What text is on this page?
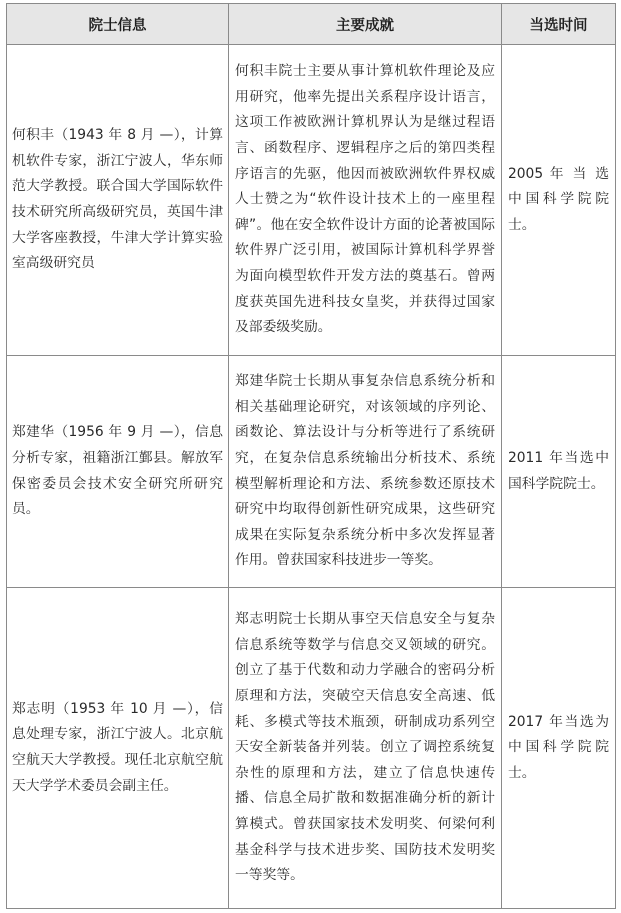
院士信息	主要成就	当选时间
何积丰（1943 年 8 月 —），计算机软件专家，浙江宁波人，华东师范大学教授。联合国大学国际软件技术研究所高级研究员，英国牛津大学客座教授，牛津大学计算实验室高级研究员	何积丰院士主要从事计算机软件理论及应用研究，他率先提出关系程序设计语言，这项工作被欧洲计算机界认为是继过程语言、函数程序、逻辑程序之后的第四类程序语言的先驱，他因而被欧洲软件界权威人士赞之为“软件设计技术上的一座里程碑”。他在安全软件设计方面的论著被国际软件界广泛引用，被国际计算机科学界誉为面向模型软件开发方法的奠基石。曾两度获英国先进科技女皇奖，并获得过国家及部委级奖励。	2005 年 当 选中国科学院院士。
郑建华（1956 年 9 月 —），信息分析专家，祖籍浙江鄞县。解放军保密委员会技术安全研究所研究员。	郑建华院士长期从事复杂信息系统分析和相关基础理论研究，对该领域的序列论、函数论、算法设计与分析等进行了系统研究，在复杂信息系统输出分析技术、系统模型解析理论和方法、系统参数还原技术研究中均取得创新性研究成果，这些研究成果在实际复杂系统分析中多次发挥显著作用。曾获国家科技进步一等奖。	2011 年当选中国科学院院士。
郑志明（1953 年 10 月 —），信息处理专家，浙江宁波人。北京航空航天大学教授。现任北京航空航天大学学术委员会副主任。	郑志明院士长期从事空天信息安全与复杂信息系统等数学与信息交叉领域的研究。创立了基于代数和动力学融合的密码分析原理和方法，突破空天信息安全高速、低耗、多模式等技术瓶颈，研制成功系列空天安全新装备并列装。创立了调控系统复杂性的原理和方法，建立了信息快速传播、信息全局扩散和数据准确分析的新计算模式。曾获国家技术发明奖、何梁何利基金科学与技术进步奖、国防技术发明奖一等奖等。	2017 年当选为中国科学院院士。
